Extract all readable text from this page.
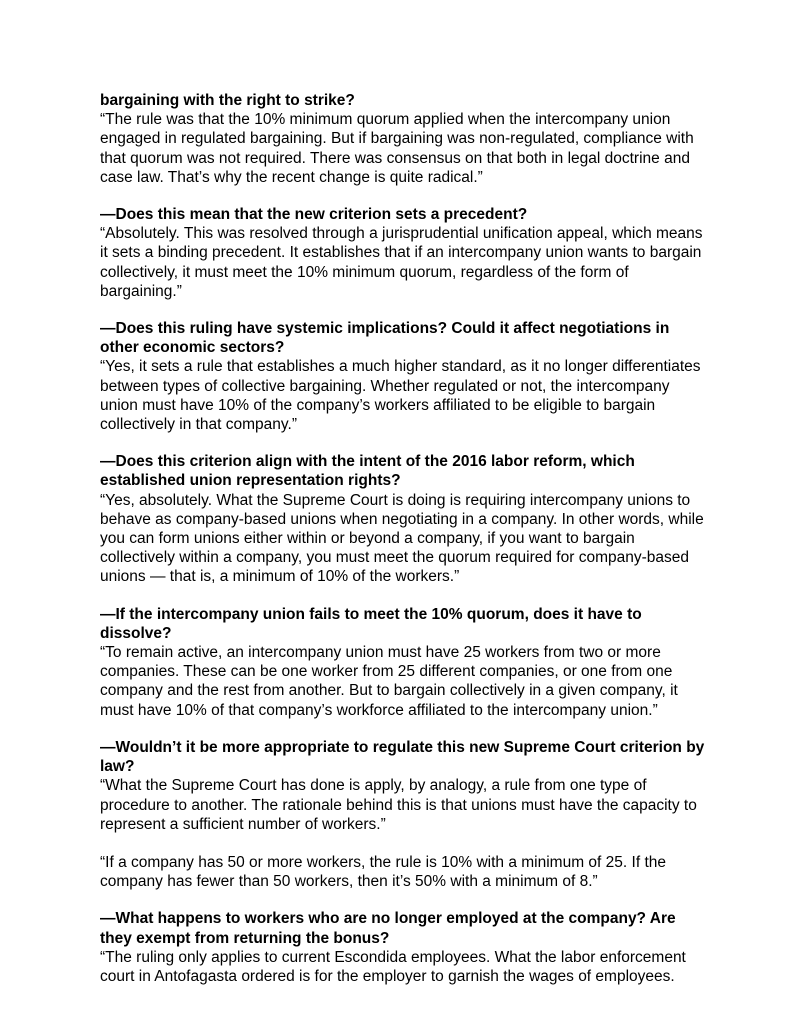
bargaining with the right to strike?

“The rule was that the 10% minimum quorum applied when the intercompany union engaged in regulated bargaining. But if bargaining was non-regulated, compliance with that quorum was not required. There was consensus on that both in legal doctrine and case law. That’s why the recent change is quite radical.”

—Does this mean that the new criterion sets a precedent?

“Absolutely. This was resolved through a jurisprudential unification appeal, which means it sets a binding precedent. It establishes that if an intercompany union wants to bargain collectively, it must meet the 10% minimum quorum, regardless of the form of bargaining.”

—Does this ruling have systemic implications? Could it affect negotiations in other economic sectors?

“Yes, it sets a rule that establishes a much higher standard, as it no longer differentiates between types of collective bargaining. Whether regulated or not, the intercompany union must have 10% of the company’s workers affiliated to be eligible to bargain collectively in that company.”

—Does this criterion align with the intent of the 2016 labor reform, which established union representation rights?

“Yes, absolutely. What the Supreme Court is doing is requiring intercompany unions to behave as company-based unions when negotiating in a company. In other words, while you can form unions either within or beyond a company, if you want to bargain collectively within a company, you must meet the quorum required for company-based unions — that is, a minimum of 10% of the workers.”

—If the intercompany union fails to meet the 10% quorum, does it have to dissolve?

“To remain active, an intercompany union must have 25 workers from two or more companies. These can be one worker from 25 different companies, or one from one company and the rest from another. But to bargain collectively in a given company, it must have 10% of that company’s workforce affiliated to the intercompany union.”

—Wouldn’t it be more appropriate to regulate this new Supreme Court criterion by law?

“What the Supreme Court has done is apply, by analogy, a rule from one type of procedure to another. The rationale behind this is that unions must have the capacity to represent a sufficient number of workers.”

“If a company has 50 or more workers, the rule is 10% with a minimum of 25. If the company has fewer than 50 workers, then it’s 50% with a minimum of 8.”

—What happens to workers who are no longer employed at the company? Are they exempt from returning the bonus?

“The ruling only applies to current Escondida employees. What the labor enforcement court in Antofagasta ordered is for the employer to garnish the wages of employees.
